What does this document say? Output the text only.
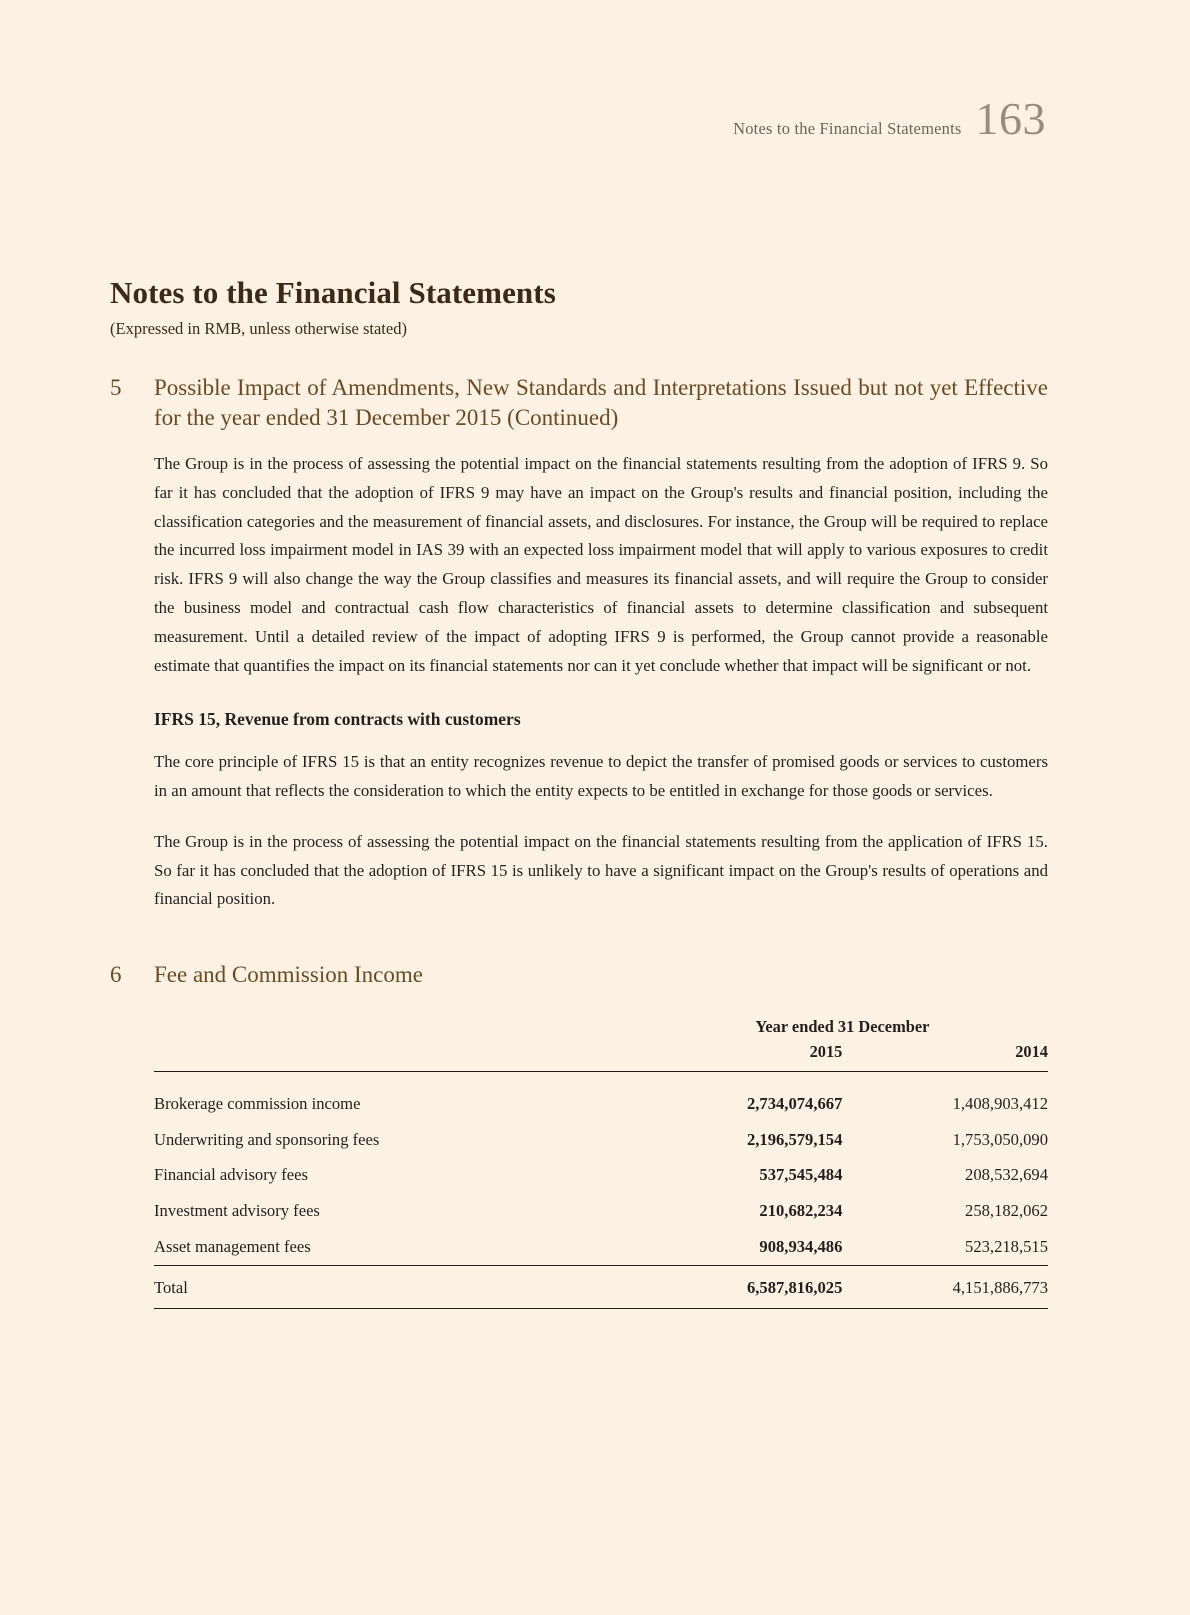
Notes to the Financial Statements 163
Notes to the Financial Statements

(Expressed in RMB, unless otherwise stated)

5	Possible Impact of Amendments, New Standards and Interpretations Issued but not yet Effective for the year ended 31 December 2015 (Continued)

The Group is in the process of assessing the potential impact on the financial statements resulting from the adoption of IFRS 9. So far it has concluded that the adoption of IFRS 9 may have an impact on the Group's results and financial position, including the classification categories and the measurement of financial assets, and disclosures. For instance, the Group will be required to replace the incurred loss impairment model in IAS 39 with an expected loss impairment model that will apply to various exposures to credit risk. IFRS 9 will also change the way the Group classifies and measures its financial assets, and will require the Group to consider the business model and contractual cash flow characteristics of financial assets to determine classification and subsequent measurement. Until a detailed review of the impact of adopting IFRS 9 is performed, the Group cannot provide a reasonable estimate that quantifies the impact on its financial statements nor can it yet conclude whether that impact will be significant or not.

IFRS 15, Revenue from contracts with customers

The core principle of IFRS 15 is that an entity recognizes revenue to depict the transfer of promised goods or services to customers in an amount that reflects the consideration to which the entity expects to be entitled in exchange for those goods or services.

The Group is in the process of assessing the potential impact on the financial statements resulting from the application of IFRS 15. So far it has concluded that the adoption of IFRS 15 is unlikely to have a significant impact on the Group's results of operations and financial position.

6	Fee and Commission Income
	Year ended 31 December	
	2015	2014

Brokerage commission income	2,734,074,667	1,408,903,412
Underwriting and sponsoring fees	2,196,579,154	1,753,050,090
Financial advisory fees	537,545,484	208,532,694
Investment advisory fees	210,682,234	258,182,062
Asset management fees	908,934,486	523,218,515

Total	6,587,816,025	4,151,886,773
